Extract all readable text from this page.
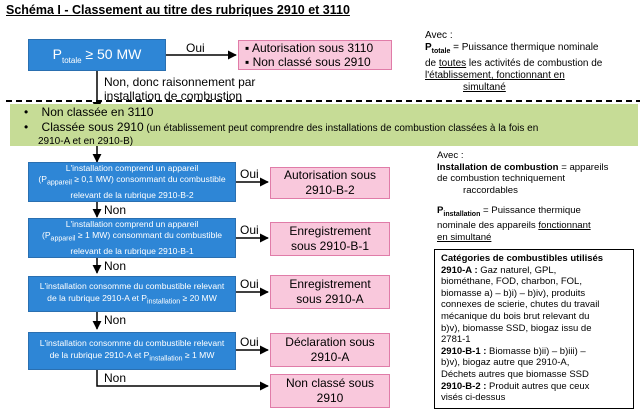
Schéma I - Classement au titre des rubriques 2910 et 3110
$P_{totale} \ge 50$ MW	Oui	▪ Autorisation sous 3110
▪ Non classé sous 2910
Non, donc raisonnement par
installation de combustion
Avec :
$P_{totale}$ = Puissance thermique nominale
de toutes les activités de combustion de
l'établissement, fonctionnant en
simultané
•    Non classée en 3110
•    Classée sous 2910 (un établissement peut comprendre des installations de combustion classées à la fois en
2910-A et en 2910-B)
Avec :
Installation de combustion = appareils
de combustion techniquement
raccordables
$P_{installation}$ = Puissance thermique
nominale des appareils fonctionnant
en simultané
L'installation comprend un appareil
($P_{appareil} \ge 0,1$ MW) consommant du combustible
relevant de la rubrique 2910-B-2
Oui Autorisation sous
2910-B-2
Non
L'installation comprend un appareil
($P_{appareil} \ge 1$ MW) consommant du combustible
relevant de la rubrique 2910-B-1
Oui	Enregistrement
sous 2910-B-1
Non
L'installation consomme du combustible relevant
de la rubrique 2910-A et $P_{installation} \ge 20$ MW
Oui	Enregistrement
sous 2910-A
Non
L'installation consomme du combustible relevant
de la rubrique 2910-A et $P_{installation} \ge 1$ MW
Oui Déclaration sous
2910-A
Non	Non classé sous
2910
Catégories de combustibles utilisés
2910-A : Gaz naturel, GPL,
biométhane, FOD, charbon, FOL,
biomasse a) – b)i) – b)iv), produits
connexes de scierie, chutes du travail
mécanique du bois brut relevant du
b)v), biomasse SSD, biogaz issu de
2781-1
2910-B-1 : Biomasse b)ii) – b)iii) –
b)v), biogaz autre que 2910-A,
Déchets autres que biomasse SSD
2910-B-2 : Produit autres que ceux
visés ci-dessus
